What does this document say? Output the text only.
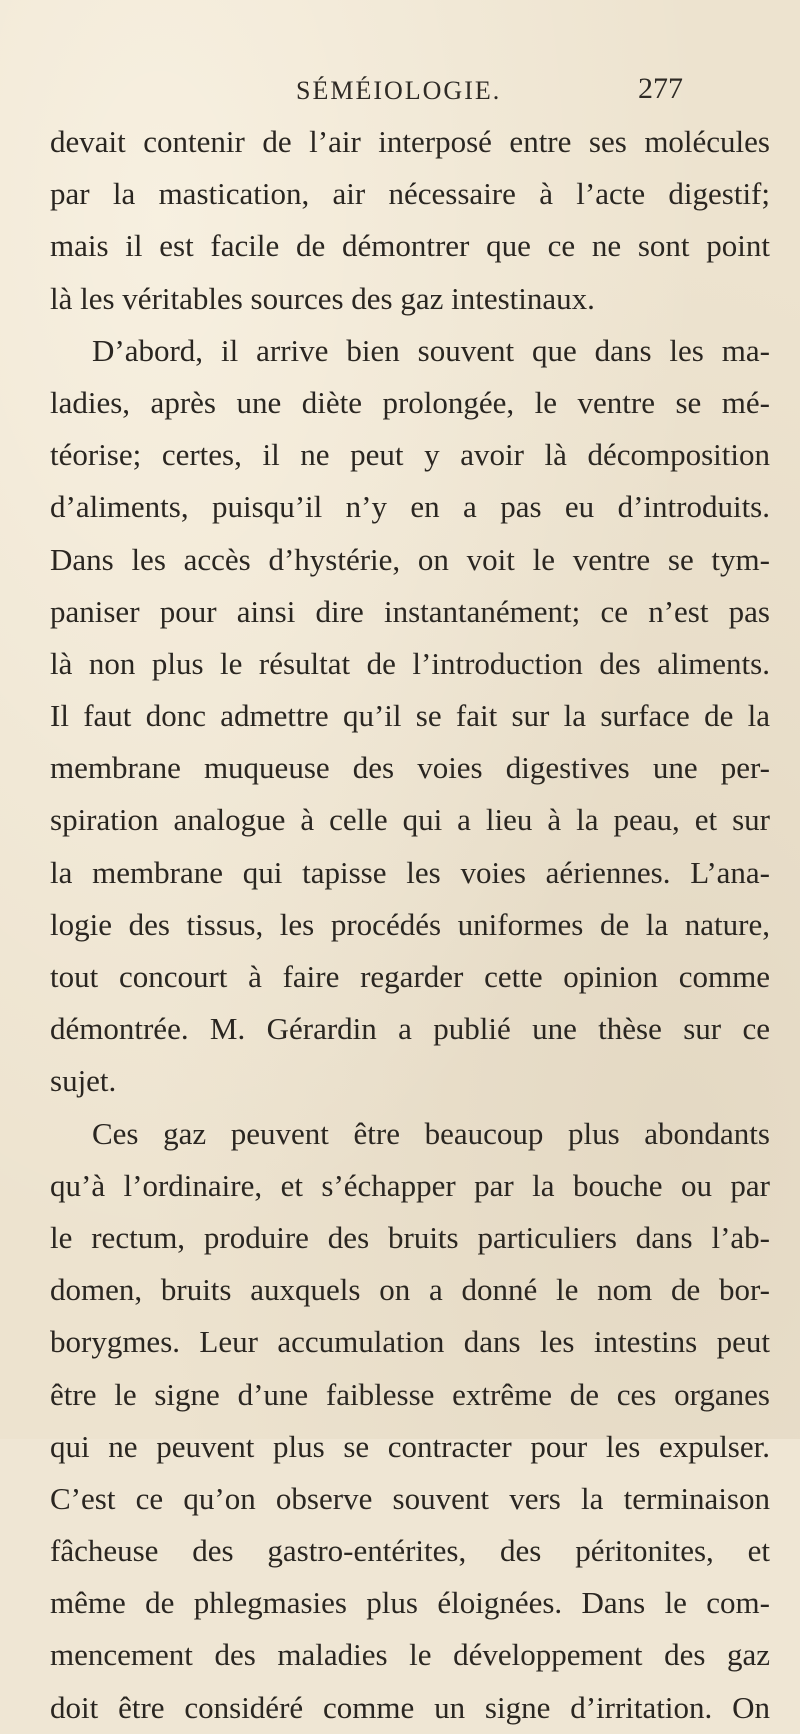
SÉMÉIOLOGIE.	277
devait contenir de l’air interposé entre ses molécules
par la mastication, air nécessaire à l’acte digestif;
mais il est facile de démontrer que ce ne sont point
là les véritables sources des gaz intestinaux.
D’abord, il arrive bien souvent que dans les ma-
ladies, après une diète prolongée, le ventre se mé-
téorise; certes, il ne peut y avoir là décomposition
d’aliments, puisqu’il n’y en a pas eu d’introduits.
Dans les accès d’hystérie, on voit le ventre se tym-
paniser pour ainsi dire instantanément; ce n’est pas
là non plus le résultat de l’introduction des aliments.
Il faut donc admettre qu’il se fait sur la surface de la
membrane muqueuse des voies digestives une per-
spiration analogue à celle qui a lieu à la peau, et sur
la membrane qui tapisse les voies aériennes. L’ana-
logie des tissus, les procédés uniformes de la nature,
tout concourt à faire regarder cette opinion comme
démontrée. M. Gérardin a publié une thèse sur ce
sujet.
Ces gaz peuvent être beaucoup plus abondants
qu’à l’ordinaire, et s’échapper par la bouche ou par
le rectum, produire des bruits particuliers dans l’ab-
domen, bruits auxquels on a donné le nom de bor-
borygmes. Leur accumulation dans les intestins peut
être le signe d’une faiblesse extrême de ces organes
qui ne peuvent plus se contracter pour les expulser.
C’est ce qu’on observe souvent vers la terminaison
fâcheuse des gastro-entérites, des péritonites, et
même de phlegmasies plus éloignées. Dans le com-
mencement des maladies le développement des gaz
doit être considéré comme un signe d’irritation. On
